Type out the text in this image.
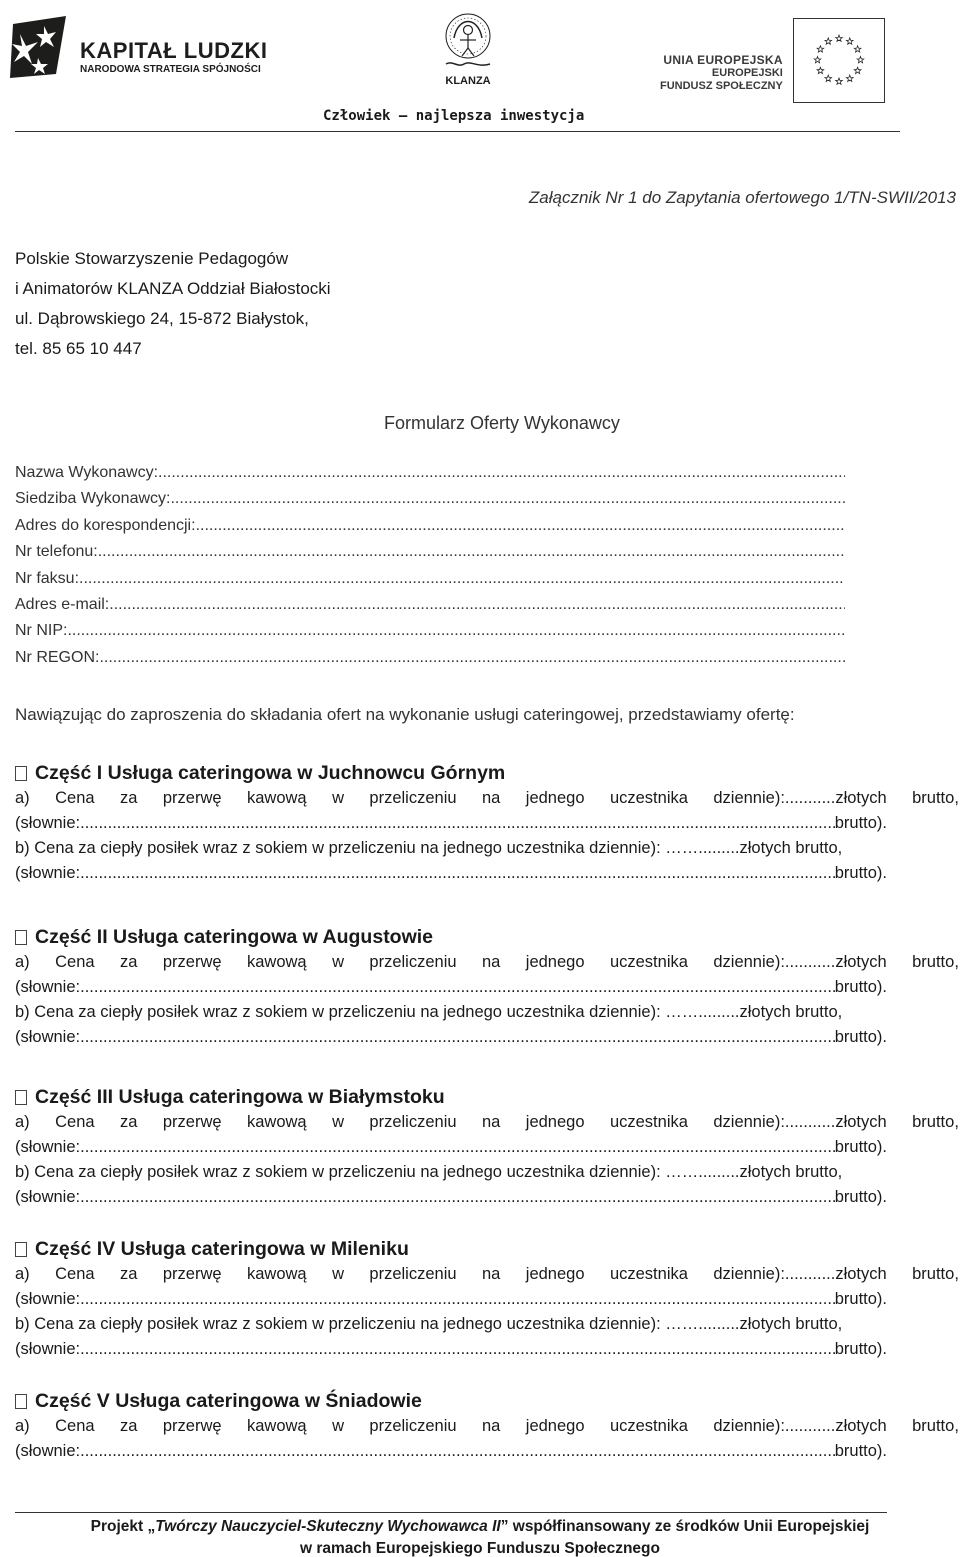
KAPITAŁ LUDZKI
NARODOWA STRATEGIA SPÓJNOŚCI
KLANZA
UNIA EUROPEJSKA
EUROPEJSKI
FUNDUSZ SPOŁECZNY
Człowiek – najlepsza inwestycja
Załącznik Nr 1 do Zapytania ofertowego 1/TN-SWII/2013
Polskie Stowarzyszenie Pedagogów
i Animatorów KLANZA Oddział Białostocki
ul. Dąbrowskiego 24, 15-872 Białystok,
tel. 85 65 10 447
Formularz Oferty Wykonawcy
Nazwa Wykonawcy:
.....
Siedziba Wykonawcy:
.....
Adres do korespondencji:
.....
Nr telefonu:
.....
Nr faksu:
.....
Adres e-mail:
.....
Nr NIP:
.....
Nr REGON:
.....
Nawiązując do zaproszenia do składania ofert na wykonanie usługi cateringowej, przedstawiamy ofertę:
Część I Usługa cateringowa w Juchnowcu Górnym
a) Cena za przerwę kawową w przeliczeniu na jednego uczestnika dziennie):...........złotych brutto,
(słownie: .....	brutto).
b) Cena za ciepły posiłek wraz z sokiem w przeliczeniu na jednego uczestnika dziennie): …….........złotych brutto,
(słownie: .....	brutto).
Część II Usługa cateringowa w Augustowie
a) Cena za przerwę kawową w przeliczeniu na jednego uczestnika dziennie):...........złotych brutto,
(słownie: .....	brutto).
b) Cena za ciepły posiłek wraz z sokiem w przeliczeniu na jednego uczestnika dziennie): …….........złotych brutto,
(słownie: .....	brutto).
Część III Usługa cateringowa w Białymstoku
a) Cena za przerwę kawową w przeliczeniu na jednego uczestnika dziennie):...........złotych brutto,
(słownie: .....	brutto).
b) Cena za ciepły posiłek wraz z sokiem w przeliczeniu na jednego uczestnika dziennie): …….........złotych brutto,
(słownie: .....	brutto).
Część IV Usługa cateringowa w Mileniku
a) Cena za przerwę kawową w przeliczeniu na jednego uczestnika dziennie):...........złotych brutto,
(słownie: .....	brutto).
b) Cena za ciepły posiłek wraz z sokiem w przeliczeniu na jednego uczestnika dziennie): …….........złotych brutto,
(słownie: .....	brutto).
Część V Usługa cateringowa w Śniadowie
a) Cena za przerwę kawową w przeliczeniu na jednego uczestnika dziennie):...........złotych brutto,
(słownie: .....	brutto).
Projekt „Twórczy Nauczyciel-Skuteczny Wychowawca II” współfinansowany ze środków Unii Europejskiej
w ramach Europejskiego Funduszu Społecznego
